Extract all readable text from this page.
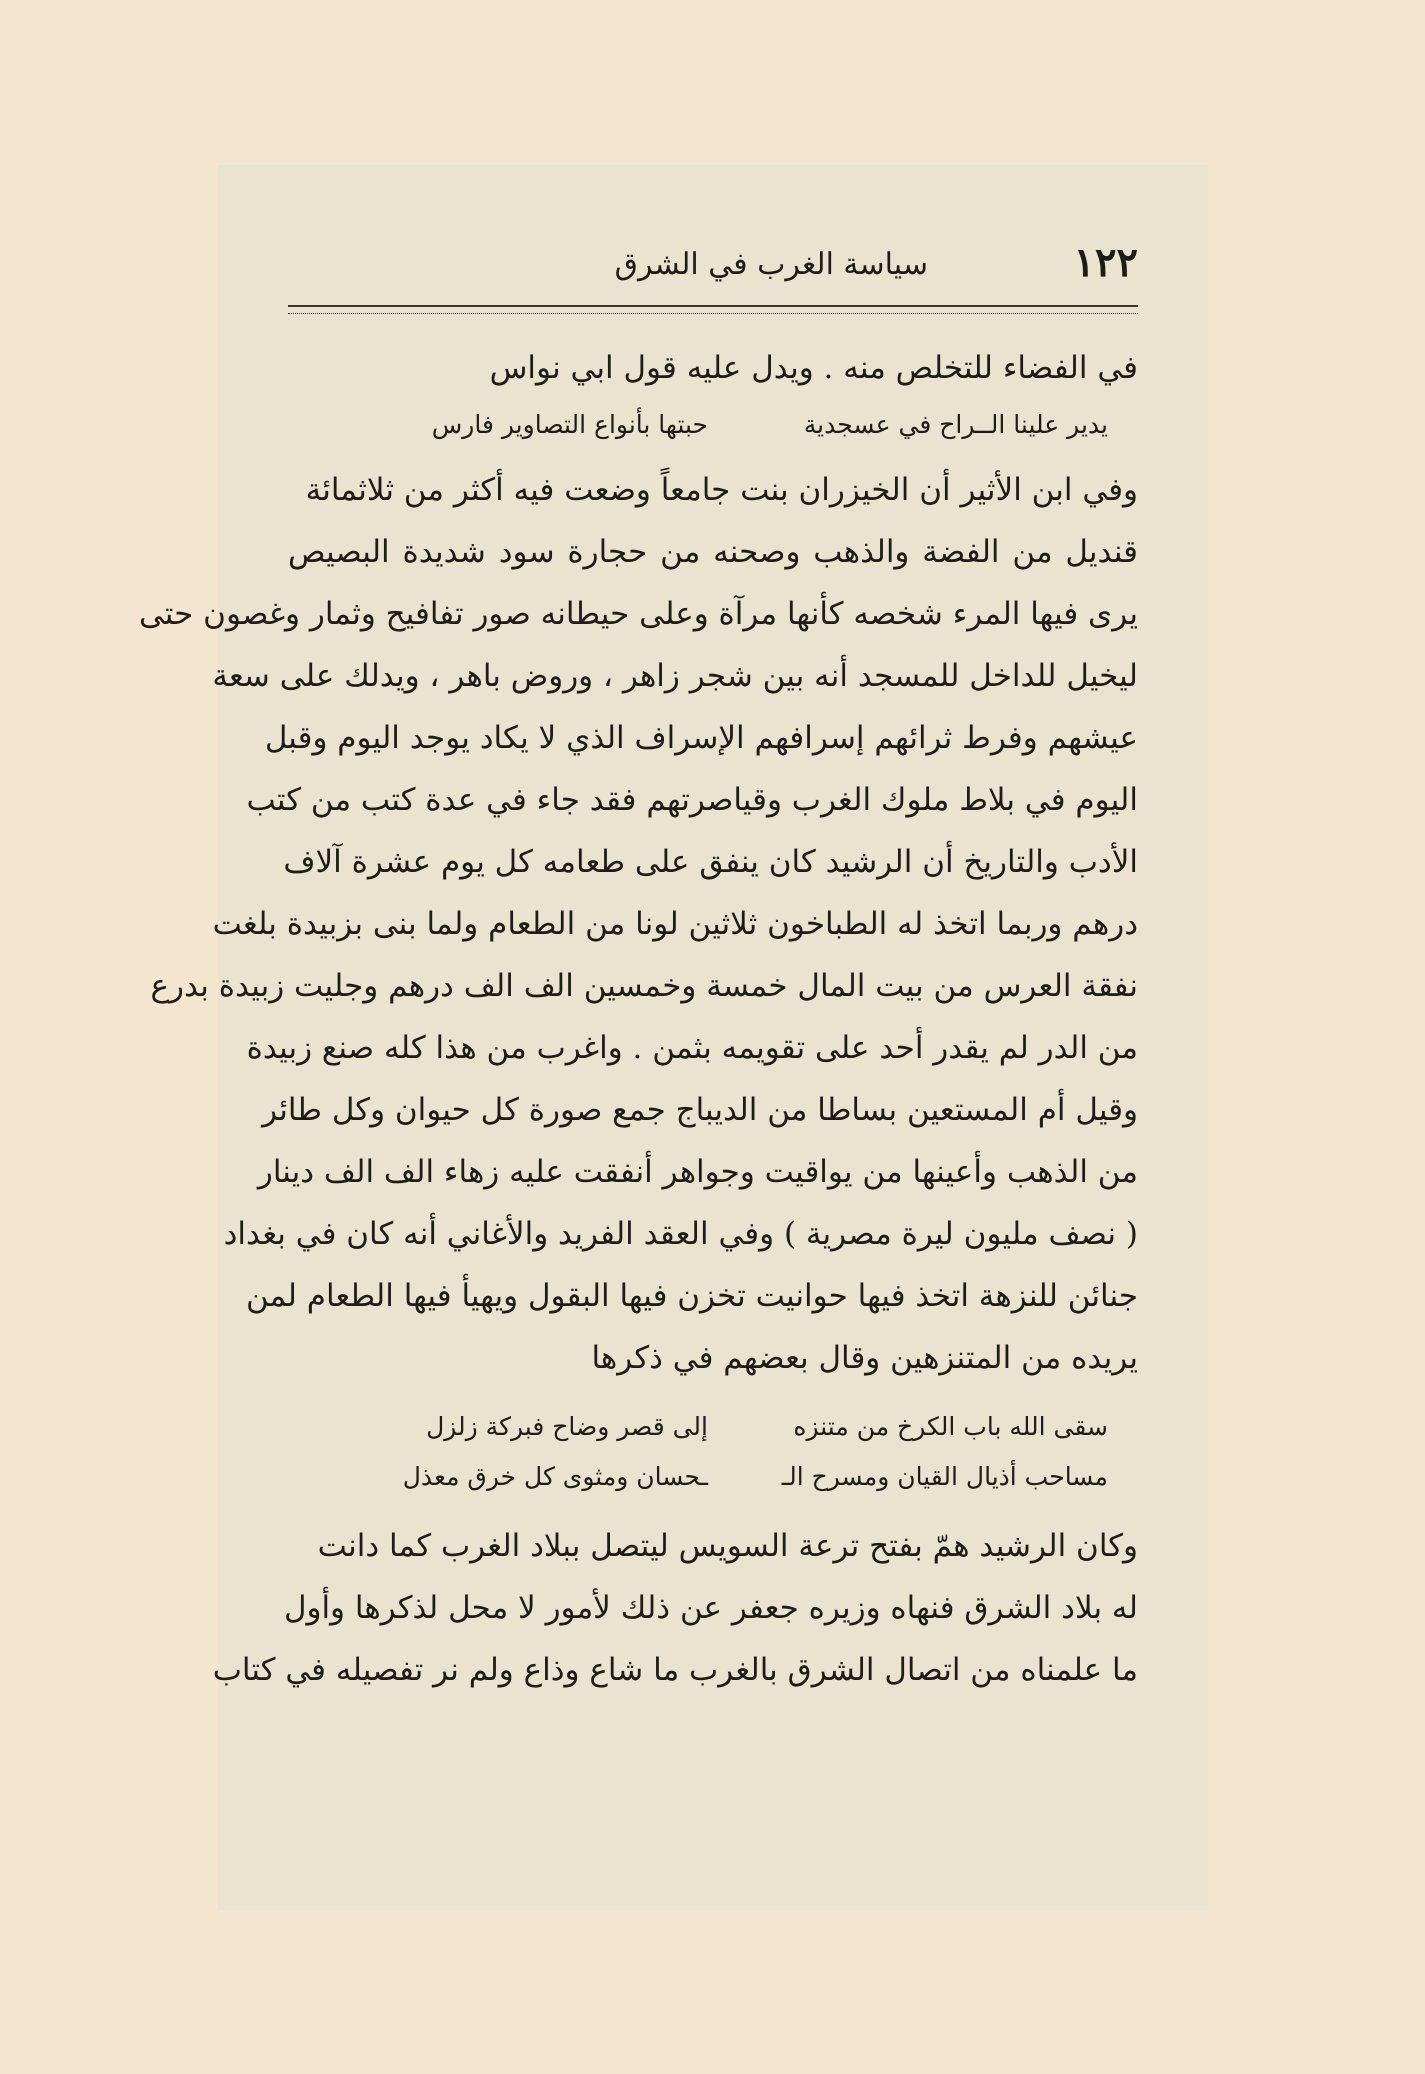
١٢٢
سياسة الغرب في الشرق
في الفضاء للتخلص منه . ويدل عليه قول ابي نواس
يدير علينا الــراح في عسجدية
حبتها بأنواع التصاوير فارس
وفي ابن الأثير أن الخيزران بنت جامعاً وضعت فيه أكثر من ثلاثمائة
قنديل من الفضة والذهب وصحنه من حجارة سود شديدة البصيص
يرى فيها المرء شخصه كأنها مرآة وعلى حيطانه صور تفافيح وثمار وغصون حتى
ليخيل للداخل للمسجد أنه بين شجر زاهر ، وروض باهر ، ويدلك على سعة
عيشهم وفرط ثرائهم إسرافهم الإسراف الذي لا يكاد يوجد اليوم وقبل
اليوم في بلاط ملوك الغرب وقياصرتهم فقد جاء في عدة كتب من كتب
الأدب والتاريخ أن الرشيد كان ينفق على طعامه كل يوم عشرة آلاف
درهم وربما اتخذ له الطباخون ثلاثين لونا من الطعام ولما بنى بزبيدة بلغت
نفقة العرس من بيت المال خمسة وخمسين الف الف درهم وجليت زبيدة بدرع
من الدر لم يقدر أحد على تقويمه بثمن . واغرب من هذا كله صنع زبيدة
وقيل أم المستعين بساطا من الديباج جمع صورة كل حيوان وكل طائر
من الذهب وأعينها من يواقيت وجواهر أنفقت عليه زهاء الف الف دينار
( نصف مليون ليرة مصرية ) وفي العقد الفريد والأغاني أنه كان في بغداد
جنائن للنزهة اتخذ فيها حوانيت تخزن فيها البقول ويهيأ فيها الطعام لمن
يريده من المتنزهين وقال بعضهم في ذكرها
سقى الله باب الكرخ من متنزه
إلى قصر وضاح فبركة زلزل
مساحب أذيال القيان ومسرح الـ
ـحسان ومثوى كل خرق معذل
وكان الرشيد همّ بفتح ترعة السويس ليتصل ببلاد الغرب كما دانت
له بلاد الشرق فنهاه وزيره جعفر عن ذلك لأمور لا محل لذكرها وأول
ما علمناه من اتصال الشرق بالغرب ما شاع وذاع ولم نر تفصيله في كتاب
